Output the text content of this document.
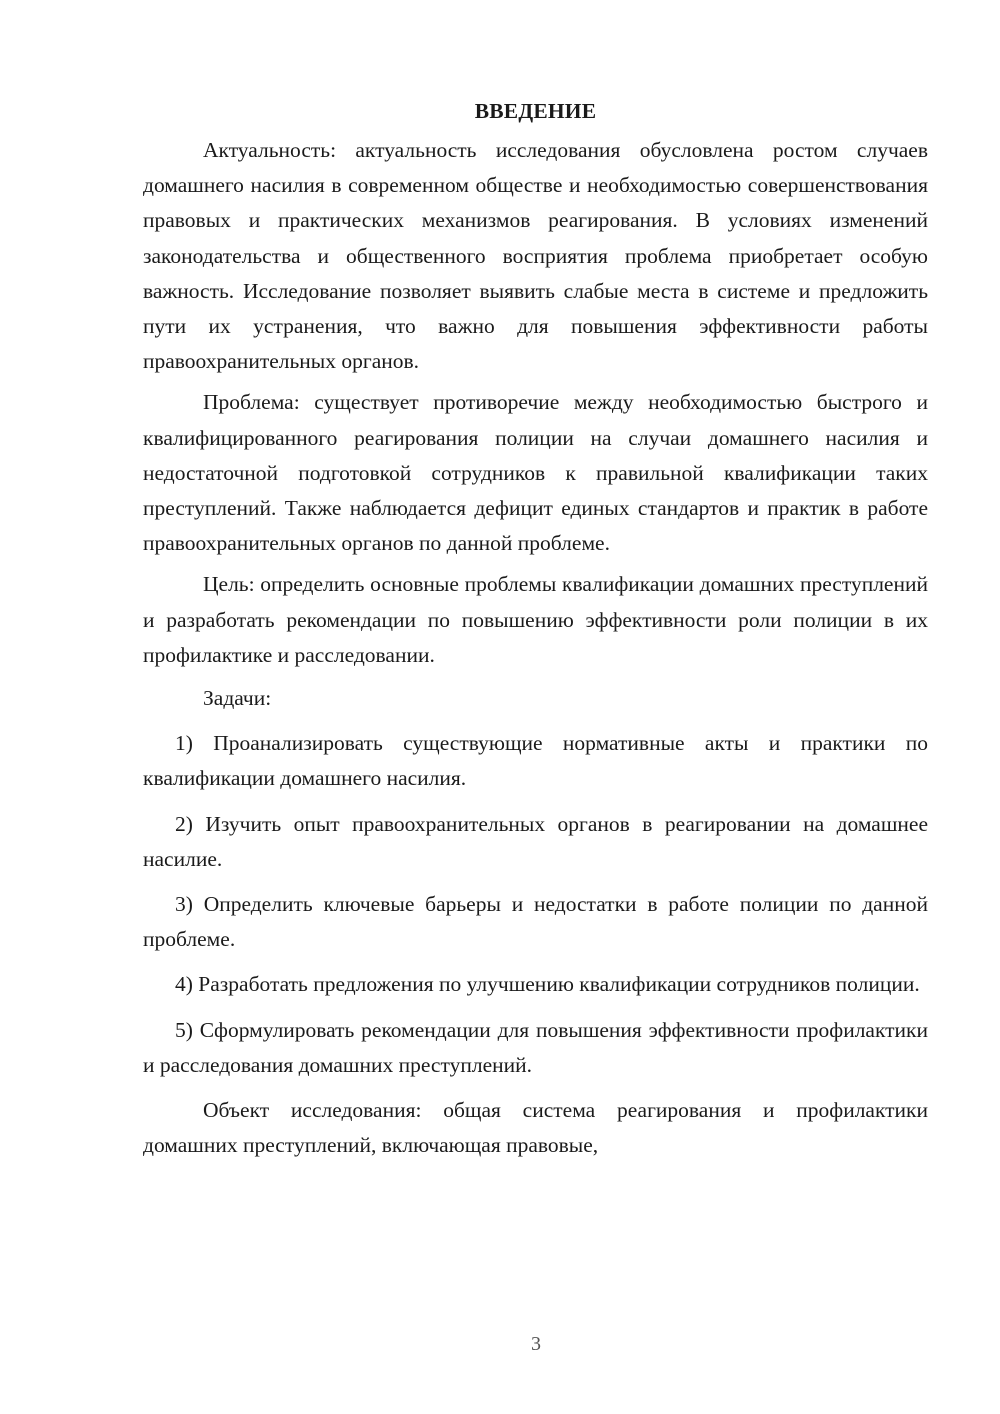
ВВЕДЕНИЕ

Актуальность: актуальность исследования обусловлена ростом случаев домашнего насилия в современном обществе и необходимостью совершенствования правовых и практических механизмов реагирования. В условиях изменений законодательства и общественного восприятия проблема приобретает особую важность. Исследование позволяет выявить слабые места в системе и предложить пути их устранения, что важно для повышения эффективности работы правоохранительных органов.

Проблема: существует противоречие между необходимостью быстрого и квалифицированного реагирования полиции на случаи домашнего насилия и недостаточной подготовкой сотрудников к правильной квалификации таких преступлений. Также наблюдается дефицит единых стандартов и практик в работе правоохранительных органов по данной проблеме.

Цель: определить основные проблемы квалификации домашних преступлений и разработать рекомендации по повышению эффективности роли полиции в их профилактике и расследовании.

Задачи:

1) Проанализировать существующие нормативные акты и практики по квалификации домашнего насилия.

2) Изучить опыт правоохранительных органов в реагировании на домашнее насилие.

3) Определить ключевые барьеры и недостатки в работе полиции по данной проблеме.

4) Разработать предложения по улучшению квалификации сотрудников полиции.

5) Сформулировать рекомендации для повышения эффективности профилактики и расследования домашних преступлений.

Объект исследования: общая система реагирования и профилактики домашних преступлений, включающая правовые,

3
